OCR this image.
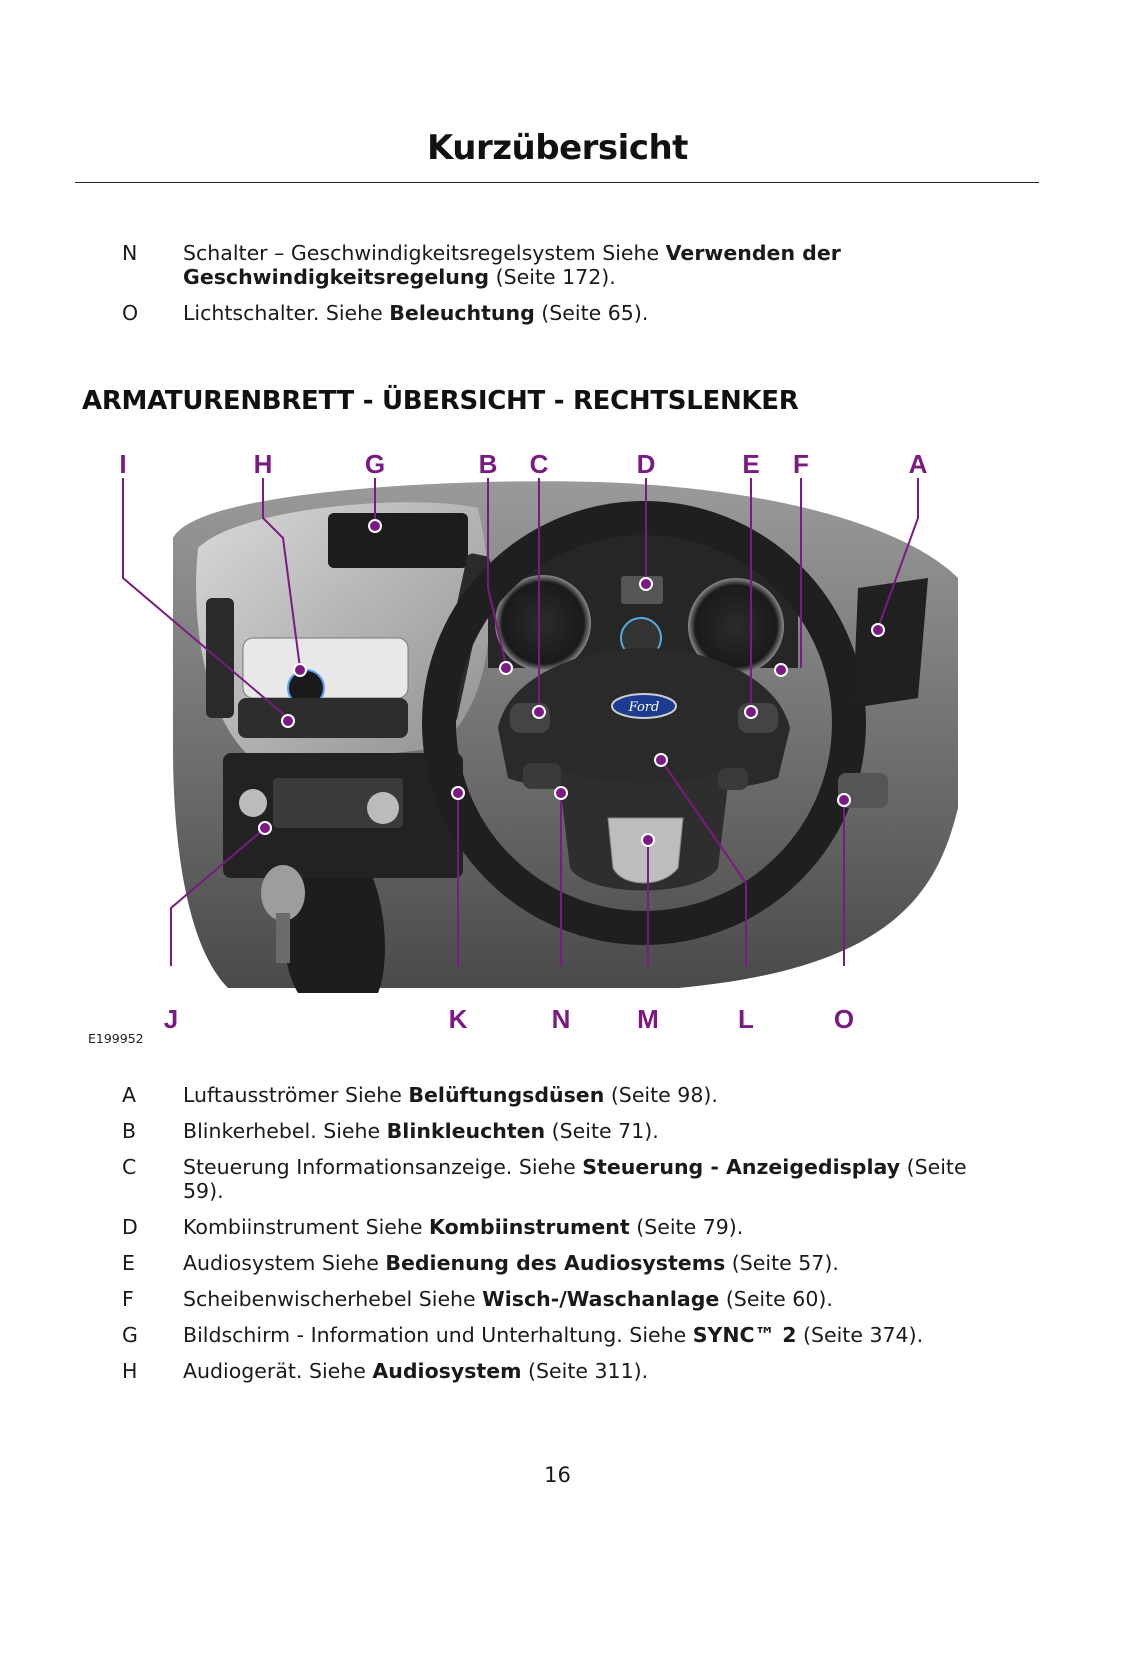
Kurzübersicht
N	Schalter – Geschwindigkeitsregelsystem Siehe Verwenden der Geschwindigkeitsregelung (Seite 172).
O	Lichtschalter. Siehe Beleuchtung (Seite 65).
ARMATURENBRETT - ÜBERSICHT - RECHTSLENKER
Ford
I	H	G	B C	D	E F	A
J	K	N	M	L	O
E199952
A	Luftausströmer Siehe Belüftungsdüsen (Seite 98).
B	Blinkerhebel. Siehe Blinkleuchten (Seite 71).
C	Steuerung Informationsanzeige. Siehe Steuerung - Anzeigedisplay (Seite 59).
D	Kombiinstrument Siehe Kombiinstrument (Seite 79).
E	Audiosystem Siehe Bedienung des Audiosystems (Seite 57).
F	Scheibenwischerhebel Siehe Wisch-/Waschanlage (Seite 60).
G	Bildschirm - Information und Unterhaltung. Siehe SYNC™ 2 (Seite 374).
H	Audiogerät. Siehe Audiosystem (Seite 311).
16
